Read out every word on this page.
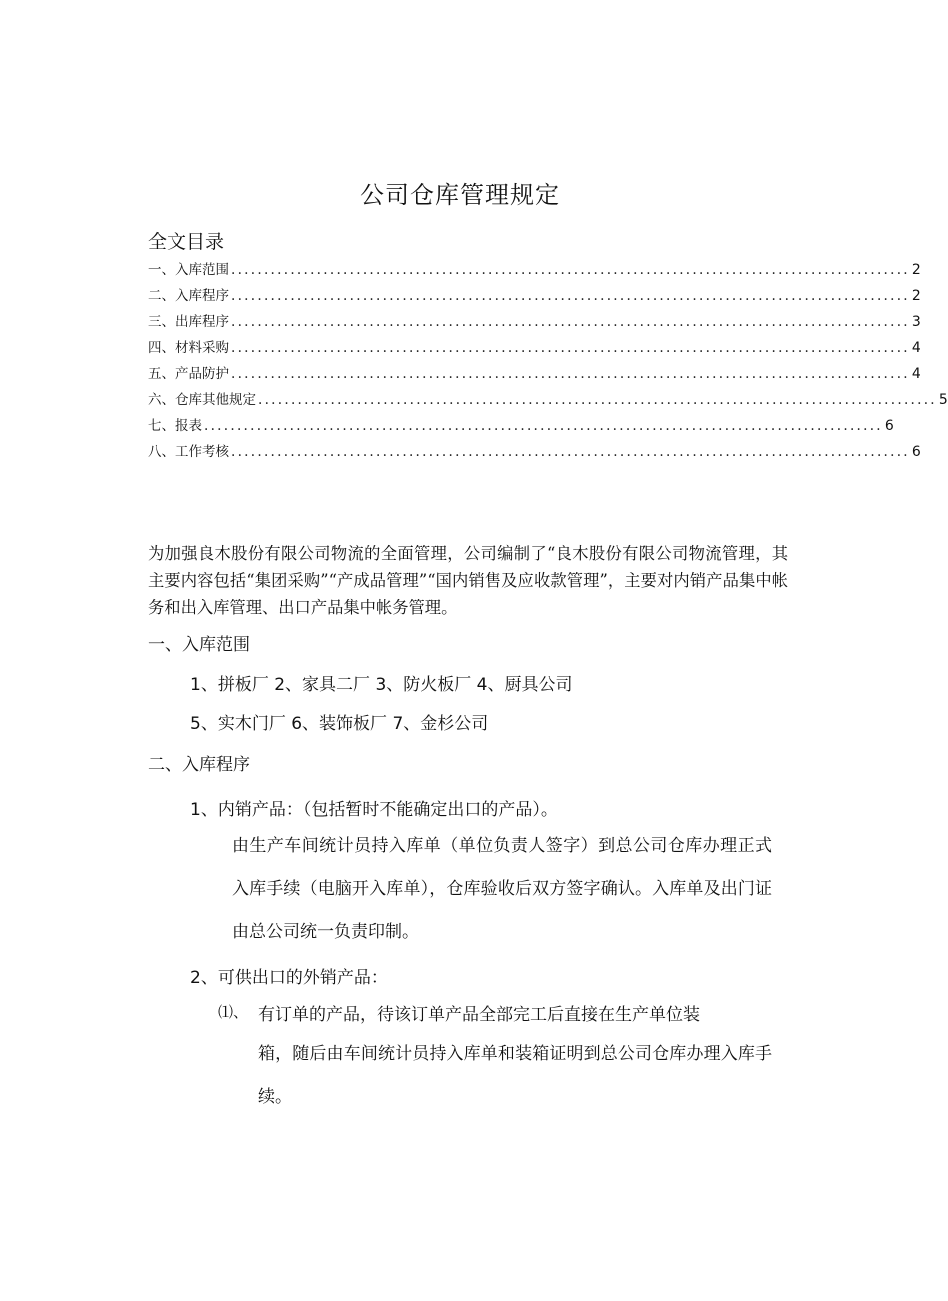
公司仓库管理规定
全文目录
一、入库范围 ....................................................................................................... 2
二、入库程序 ....................................................................................................... 2
三、出库程序 ....................................................................................................... 3
四、材料采购 ....................................................................................................... 4
五、产品防护 ....................................................................................................... 4
六、仓库其他规定 ....................................................................................................... 5
七、报表 ....................................................................................................... 6
八、工作考核 ....................................................................................................... 6

为加强良木股份有限公司物流的全面管理，公司编制了“良木股份有限公司物流管理，其主要内容包括“集团采购”“产成品管理”“国内销售及应收款管理”，主要对内销产品集中帐务和出入库管理、出口产品集中帐务管理。

一、入库范围
1、拼板厂 2、家具二厂 3、防火板厂 4、厨具公司
5、实木门厂 6、装饰板厂 7、金杉公司
二、入库程序
1、内销产品：（包括暂时不能确定出口的产品）。

由生产车间统计员持入库单（单位负责人签字）到总公司仓库办理正式入库手续（电脑开入库单），仓库验收后双方签字确认。入库单及出门证由总公司统一负责印制。

2、可供出口的外销产品：
⑴、 有订单的产品，待该订单产品全部完工后直接在生产单位装

箱，随后由车间统计员持入库单和装箱证明到总公司仓库办理入库手续。
